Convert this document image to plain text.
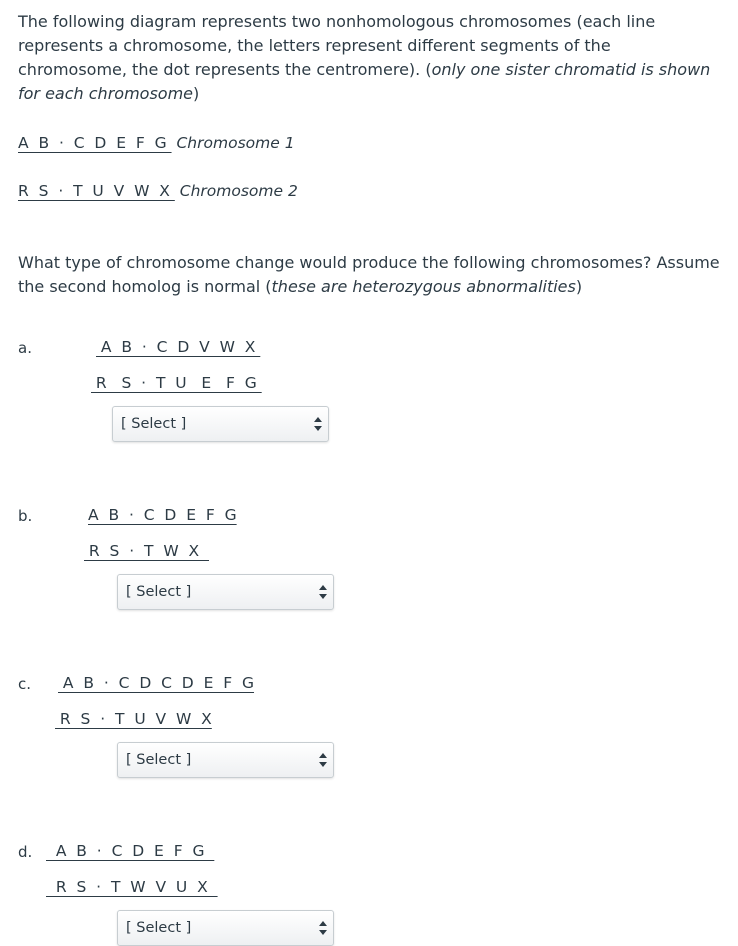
The following diagram represents two nonhomologous chromosomes (each line represents a chromosome, the letters represent different segments of the chromosome, the dot represents the centromere). (only one sister chromatid is shown for each chromosome)

A  B  ·  C  D  E  F  G  Chromosome 1
R  S  ·  T  U  V  W  X  Chromosome 2

What type of chromosome change would produce the following chromosomes? Assume the second homolog is normal (these are heterozygous abnormalities)

a.	A  B  ·  C  D  V  W  X
R   S  ·  T  U   E   F  G
[ Select ]
b.	A  B  ·  C  D  E  F  G
R  S  ·  T  W  X
[ Select ]
c. A  B  ·  C  D  C  D  E  F  G
R  S  ·  T  U  V  W  X
[ Select ]
d. A  B  ·  C  D  E  F  G
R  S  ·  T  W  V  U  X
[ Select ]
